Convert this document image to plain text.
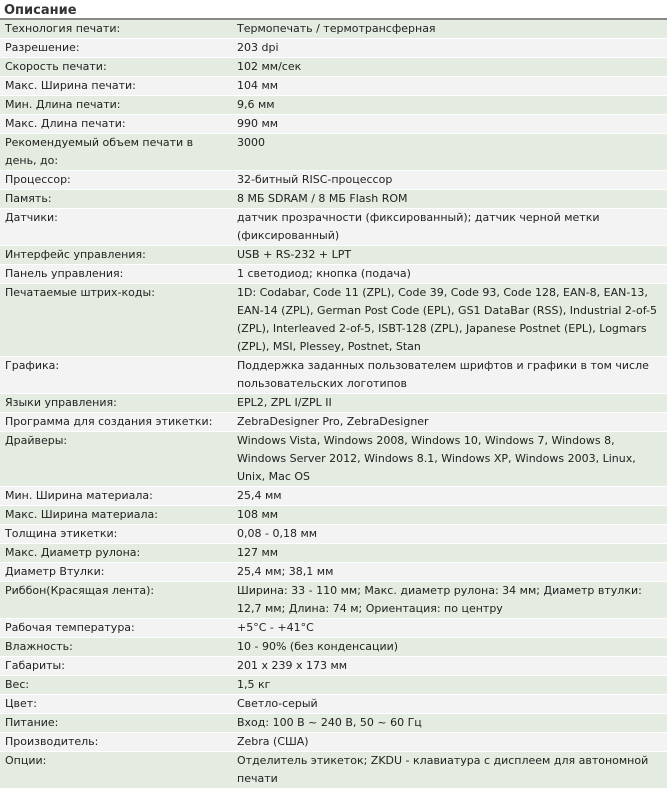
Описание
Технология печати:	Термопечать / термотрансферная
Разрешение:	203 dpi
Скорость печати:	102 мм/сек
Макс. Ширина печати:	104 мм
Мин. Длина печати:	9,6 мм
Макс. Длина печати:	990 мм
Рекомендуемый объем печати в день, до:	3000
Процессор:	32-битный RISC-процессор
Память:	8 МБ SDRAM / 8 МБ Flash ROM
Датчики:	датчик прозрачности (фиксированный); датчик черной метки (фиксированный)
Интерфейс управления:	USB + RS-232 + LPT
Панель управления:	1 светодиод; кнопка (подача)
Печатаемые штрих-коды:	1D: Codabar, Code 11 (ZPL), Code 39, Code 93, Code 128, EAN-8, EAN-13, EAN-14 (ZPL), German Post Code (EPL), GS1 DataBar (RSS), Industrial 2-of-5 (ZPL), Interleaved 2-of-5, ISBT-128 (ZPL), Japanese Postnet (EPL), Logmars (ZPL), MSI, Plessey, Postnet, Stan
Графика:	Поддержка заданных пользователем шрифтов и графики в том числе пользовательских логотипов
Языки управления:	EPL2, ZPL I/ZPL II
Программа для создания этикетки:	ZebraDesigner Pro, ZebraDesigner
Драйверы:	Windows Vista, Windows 2008, Windows 10, Windows 7, Windows 8, Windows Server 2012, Windows 8.1, Windows XP, Windows 2003, Linux, Unix, Mac OS
Мин. Ширина материала:	25,4 мм
Макс. Ширина материала:	108 мм
Толщина этикетки:	0,08 - 0,18 мм
Макс. Диаметр рулона:	127 мм
Диаметр Втулки:	25,4 мм; 38,1 мм
Риббон(Красящая лента):	Ширина: 33 - 110 мм; Макс. диаметр рулона: 34 мм; Диаметр втулки: 12,7 мм; Длина: 74 м; Ориентация: по центру
Рабочая температура:	+5°C - +41°C
Влажность:	10 - 90% (без конденсации)
Габариты:	201 x 239 x 173 мм
Вес:	1,5 кг
Цвет:	Светло-серый
Питание:	Вход: 100 В ~ 240 В, 50 ~ 60 Гц
Производитель:	Zebra (США)
Опции:	Отделитель этикеток; ZKDU - клавиатура с дисплеем для автономной печати
